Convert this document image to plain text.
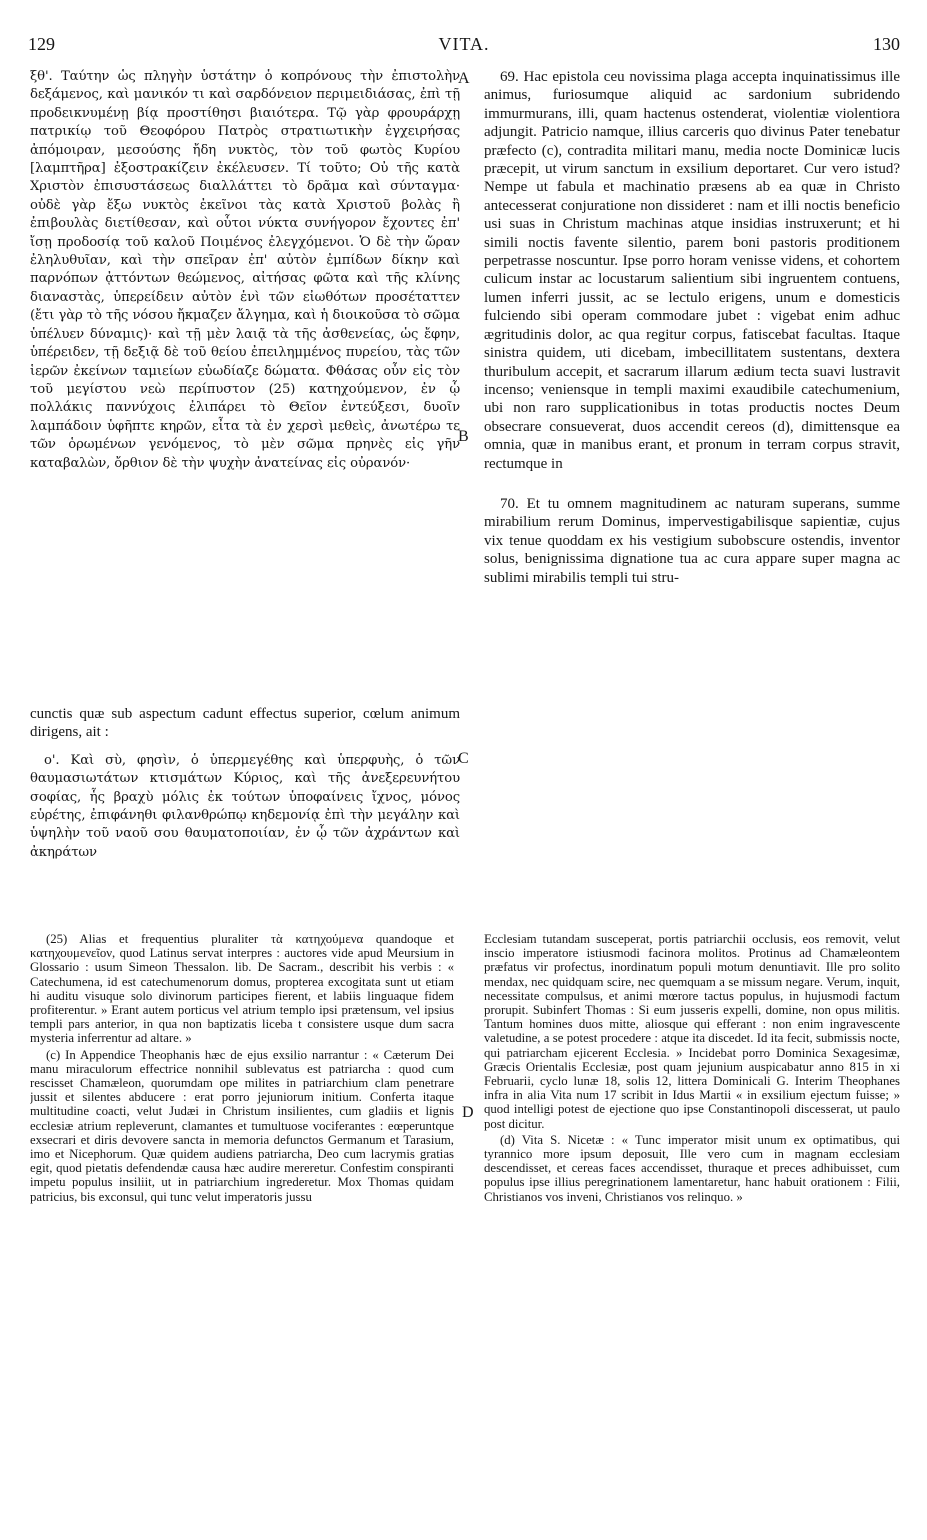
129	VITA.	130

ξθ'. Ταύτην ὡς πληγὴν ὑστάτην ὁ κοπρόνους τὴν ἐπιστολὴν δεξάμενος, καὶ μανικόν τι καὶ σαρδόνειον περιμειδιάσας, ἐπὶ τῇ προδεικνυμένῃ βίᾳ προστίθησι βιαιότερα. Τῷ γὰρ φρουράρχῃ πατρικίῳ τοῦ Θεοφόρου Πατρὸς στρατιωτικὴν ἐγχειρήσας ἀπόμοιραν, μεσούσης ἤδη νυκτὸς, τὸν τοῦ φωτὸς Κυρίου [λαμπτῆρα] ἐξοστρακίζειν ἐκέλευσεν. Τί τοῦτο; Οὐ τῆς κατὰ Χριστὸν ἐπισυστάσεως διαλλάττει τὸ δρᾶμα καὶ σύνταγμα· οὐδὲ γὰρ ἔξω νυκτὸς ἐκεῖνοι τὰς κατὰ Χριστοῦ βολὰς ἢ ἐπιβουλὰς διετίθεσαν, καὶ οὗτοι νύκτα συνήγορον ἔχοντες ἐπ' ἴσῃ προδοσίᾳ τοῦ καλοῦ Ποιμένος ἐλεγχόμενοι. Ὁ δὲ τὴν ὥραν ἐληλυθυῖαν, καὶ τὴν σπεῖραν ἐπ' αὐτὸν ἐμπίδων δίκην καὶ παρνόπων ᾀττόντων θεώμενος, αἰτήσας φῶτα καὶ τῆς κλίνης διαναστὰς, ὑπερείδειν αὐτὸν ἑνὶ τῶν εἰωθότων προσέταττεν (ἔτι γὰρ τὸ τῆς νόσου ἤκμαζεν ἄλγημα, καὶ ἡ διοικοῦσα τὸ σῶμα ὑπέλυεν δύναμις)· καὶ τῇ μὲν λαιᾷ τὰ τῆς ἀσθενείας, ὡς ἔφην, ὑπέρειδεν, τῇ δεξιᾷ δὲ τοῦ θείου ἐπειλημμένος πυρείου, τὰς τῶν ἱερῶν ἐκείνων ταμιείων εὐωδίαζε δώματα. Φθάσας οὖν εἰς τὸν τοῦ μεγίστου νεὼ περίπυστον (25) κατηχούμενον, ἐν ᾧ πολλάκις παννύχοις ἐλιπάρει τὸ Θεῖον ἐντεύξεσι, δυοῖν λαμπάδοιν ὑφῆπτε κηρῶν, εἶτα τὰ ἐν χερσὶ μεθεὶς, ἀνωτέρω τε τῶν ὁρωμένων γενόμενος, τὸ μὲν σῶμα πρηνὲς εἰς γῆν καταβαλὼν, ὄρθιον δὲ τὴν ψυχὴν ἀνατείνας εἰς οὐρανόν·

cunctis quæ sub aspectum cadunt effectus superior, cœlum animum dirigens, ait :

ο'. Καὶ σὺ, φησὶν, ὁ ὑπερμεγέθης καὶ ὑπερφυὴς, ὁ τῶν θαυμασιωτάτων κτισμάτων Κύριος, καὶ τῆς ἀνεξερευνήτου σοφίας, ἧς βραχὺ μόλις ἐκ τούτων ὑποφαίνεις ἴχνος, μόνος εὑρέτης, ἐπιφάνηθι φιλανθρώπῳ κηδεμονίᾳ ἐπὶ τὴν μεγάλην καὶ ὑψηλὴν τοῦ ναοῦ σου θαυματοποιίαν, ἐν ᾧ τῶν ἀχράντων καὶ ἀκηράτων

69. Hac epistola ceu novissima plaga accepta inquinatissimus ille animus, furiosumque aliquid ac sardonium subridendo immurmurans, illi, quam hactenus ostenderat, violentiæ violentiora adjungit. Patricio namque, illius carceris quo divinus Pater tenebatur præfecto (c), contradita militari manu, media nocte Dominicæ lucis præcepit, ut virum sanctum in exsilium deportaret. Cur vero istud? Nempe ut fabula et machinatio præsens ab ea quæ in Christo antecesserat conjuratione non dissideret : nam et illi noctis beneficio usi suas in Christum machinas atque insidias instruxerunt; et hi simili noctis favente silentio, parem boni pastoris proditionem perpetrasse noscuntur. Ipse porro horam venisse videns, et cohortem culicum instar ac locustarum salientium sibi ingruentem contuens, lumen inferri jussit, ac se lectulo erigens, unum e domesticis fulciendo sibi operam commodare jubet : vigebat enim adhuc ægritudinis dolor, ac qua regitur corpus, fatiscebat facultas. Itaque sinistra quidem, uti dicebam, imbecillitatem sustentans, dextera thuribulum accepit, et sacrarum illarum ædium tecta suavi lustravit incenso; veniensque in templi maximi exaudibile catechumenium, ubi non raro supplicationibus in totas productis noctes Deum obsecrare consueverat, duos accendit cereos (d), dimittensque ea omnia, quæ in manibus erant, et pronum in terram corpus stravit, rectumque in

70. Et tu omnem magnitudinem ac naturam superans, summe mirabilium rerum Dominus, impervestigabilisque sapientiæ, cujus vix tenue quoddam ex his vestigium subobscure ostendis, inventor solus, benignissima dignatione tua ac cura appare super magna ac sublimi mirabilis templi tui stru-

A
B
C
D

(25) Alias et frequentius pluraliter τὰ κατηχούμενα quandoque et κατηχουμενεῖον, quod Latinus servat interpres : auctores vide apud Meursium in Glossario : usum Simeon Thessalon. lib. De Sacram., describit his verbis : « Catechumena, id est catechumenorum domus, propterea excogitata sunt ut etiam hi auditu visuque solo divinorum participes fierent, et labiis linguaque fidem profiterentur. » Erant autem porticus vel atrium templo ipsi prætensum, vel ipsius templi pars anterior, in qua non baptizatis liceba t consistere usque dum sacra mysteria inferrentur ad altare. »

(c) In Appendice Theophanis hæc de ejus exsilio narrantur : « Cæterum Dei manu miraculorum effectrice nonnihil sublevatus est patriarcha : quod cum rescisset Chamæleon, quorumdam ope milites in patriarchium clam penetrare jussit et silentes abducere : erat porro jejuniorum initium. Conferta itaque multitudine coacti, velut Judæi in Christum insilientes, cum gladiis et lignis ecclesiæ atrium repleverunt, clamantes et tumultuose vociferantes : eœperuntque exsecrari et diris devovere sancta in memoria defunctos Germanum et Tarasium, imo et Nicephorum. Quæ quidem audiens patriarcha, Deo cum lacrymis gratias egit, quod pietatis defendendæ causa hæc audire mereretur. Confestim conspiranti impetu populus insiliit, ut in patriarchium ingrederetur. Mox Thomas quidam patricius, bis exconsul, qui tunc velut imperatoris jussu

Ecclesiam tutandam susceperat, portis patriarchii occlusis, eos removit, velut inscio imperatore istiusmodi facinora molitos. Protinus ad Chamæleontem præfatus vir profectus, inordinatum populi motum denuntiavit. Ille pro solito mendax, nec quidquam scire, nec quemquam a se missum negare. Verum, inquit, necessitate compulsus, et animi mœrore tactus populus, in hujusmodi factum prorupit. Subinfert Thomas : Si eum jusseris expelli, domine, non opus militis. Tantum homines duos mitte, aliosque qui efferant : non enim ingravescente valetudine, a se potest procedere : atque ita discedet. Id ita fecit, submissis nocte, qui patriarcham ejicerent Ecclesia. » Incidebat porro Dominica Sexagesimæ, Græcis Orientalis Ecclesiæ, post quam jejunium auspicabatur anno 815 in xi Februarii, cyclo lunæ 18, solis 12, littera Dominicali G. Interim Theophanes infra in alia Vita num 17 scribit in Idus Martii « in exsilium ejectum fuisse; » quod intelligi potest de ejectione quo ipse Constantinopoli discesserat, ut paulo post dicitur.

(d) Vita S. Nicetæ : « Tunc imperator misit unum ex optimatibus, qui tyrannico more ipsum deposuit, Ille vero cum in magnam ecclesiam descendisset, et cereas faces accendisset, thuraque et preces adhibuisset, cum populus ipse illius peregrinationem lamentaretur, hanc habuit orationem : Filii, Christianos vos inveni, Christianos vos relinquo. »
